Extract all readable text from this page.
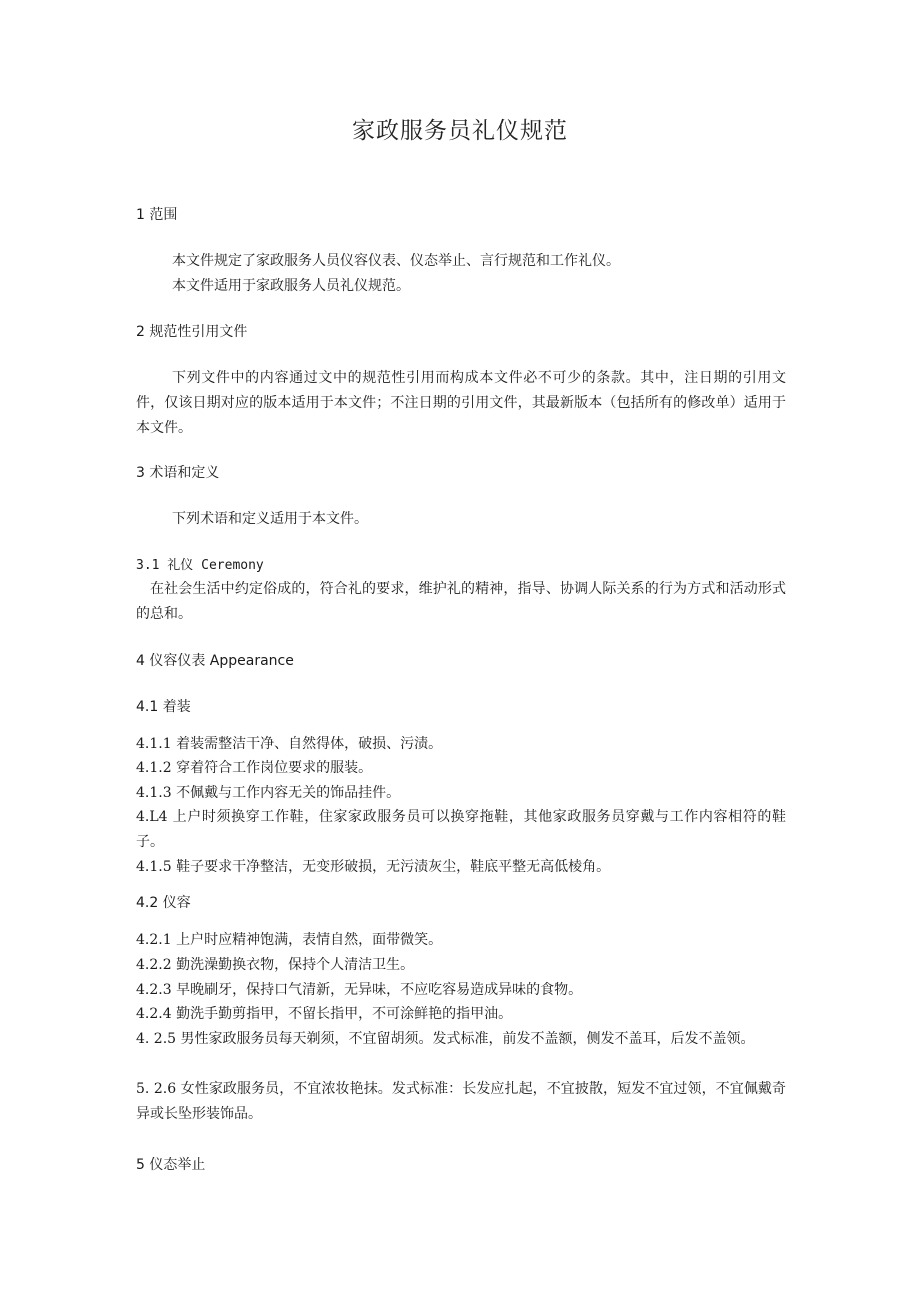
家政服务员礼仪规范
1 范围
本文件规定了家政服务人员仪容仪表、仪态举止、言行规范和工作礼仪。
本文件适用于家政服务人员礼仪规范。
2 规范性引用文件
下列文件中的内容通过文中的规范性引用而构成本文件必不可少的条款。其中，注日期的引用文件，仅该日期对应的版本适用于本文件；不注日期的引用文件，其最新版本（包括所有的修改单）适用于本文件。
3 术语和定义
下列术语和定义适用于本文件。
3.1 礼仪 Ceremony
在社会生活中约定俗成的，符合礼的要求，维护礼的精神，指导、协调人际关系的行为方式和活动形式的总和。
4 仪容仪表 Appearance
4.1 着装
4.1.1 着装需整洁干净、自然得体，破损、污渍。
4.1.2 穿着符合工作岗位要求的服装。
4.1.3 不佩戴与工作内容无关的饰品挂件。
4.L4 上户时须换穿工作鞋，住家家政服务员可以换穿拖鞋，其他家政服务员穿戴与工作内容相符的鞋子。
4.1.5 鞋子要求干净整洁，无变形破损，无污渍灰尘，鞋底平整无高低棱角。
4.2 仪容
4.2.1 上户时应精神饱满，表情自然，面带微笑。
4.2.2 勤洗澡勤换衣物，保持个人清洁卫生。
4.2.3 早晚刷牙，保持口气清新，无异味，不应吃容易造成异味的食物。
4.2.4 勤洗手勤剪指甲，不留长指甲，不可涂鲜艳的指甲油。
4. 2.5 男性家政服务员每天剃须，不宜留胡须。发式标准，前发不盖额，侧发不盖耳，后发不盖领。
5. 2.6 女性家政服务员，不宜浓妆艳抹。发式标准：长发应扎起，不宜披散，短发不宜过领，不宜佩戴奇异或长坠形装饰品。
5 仪态举止
